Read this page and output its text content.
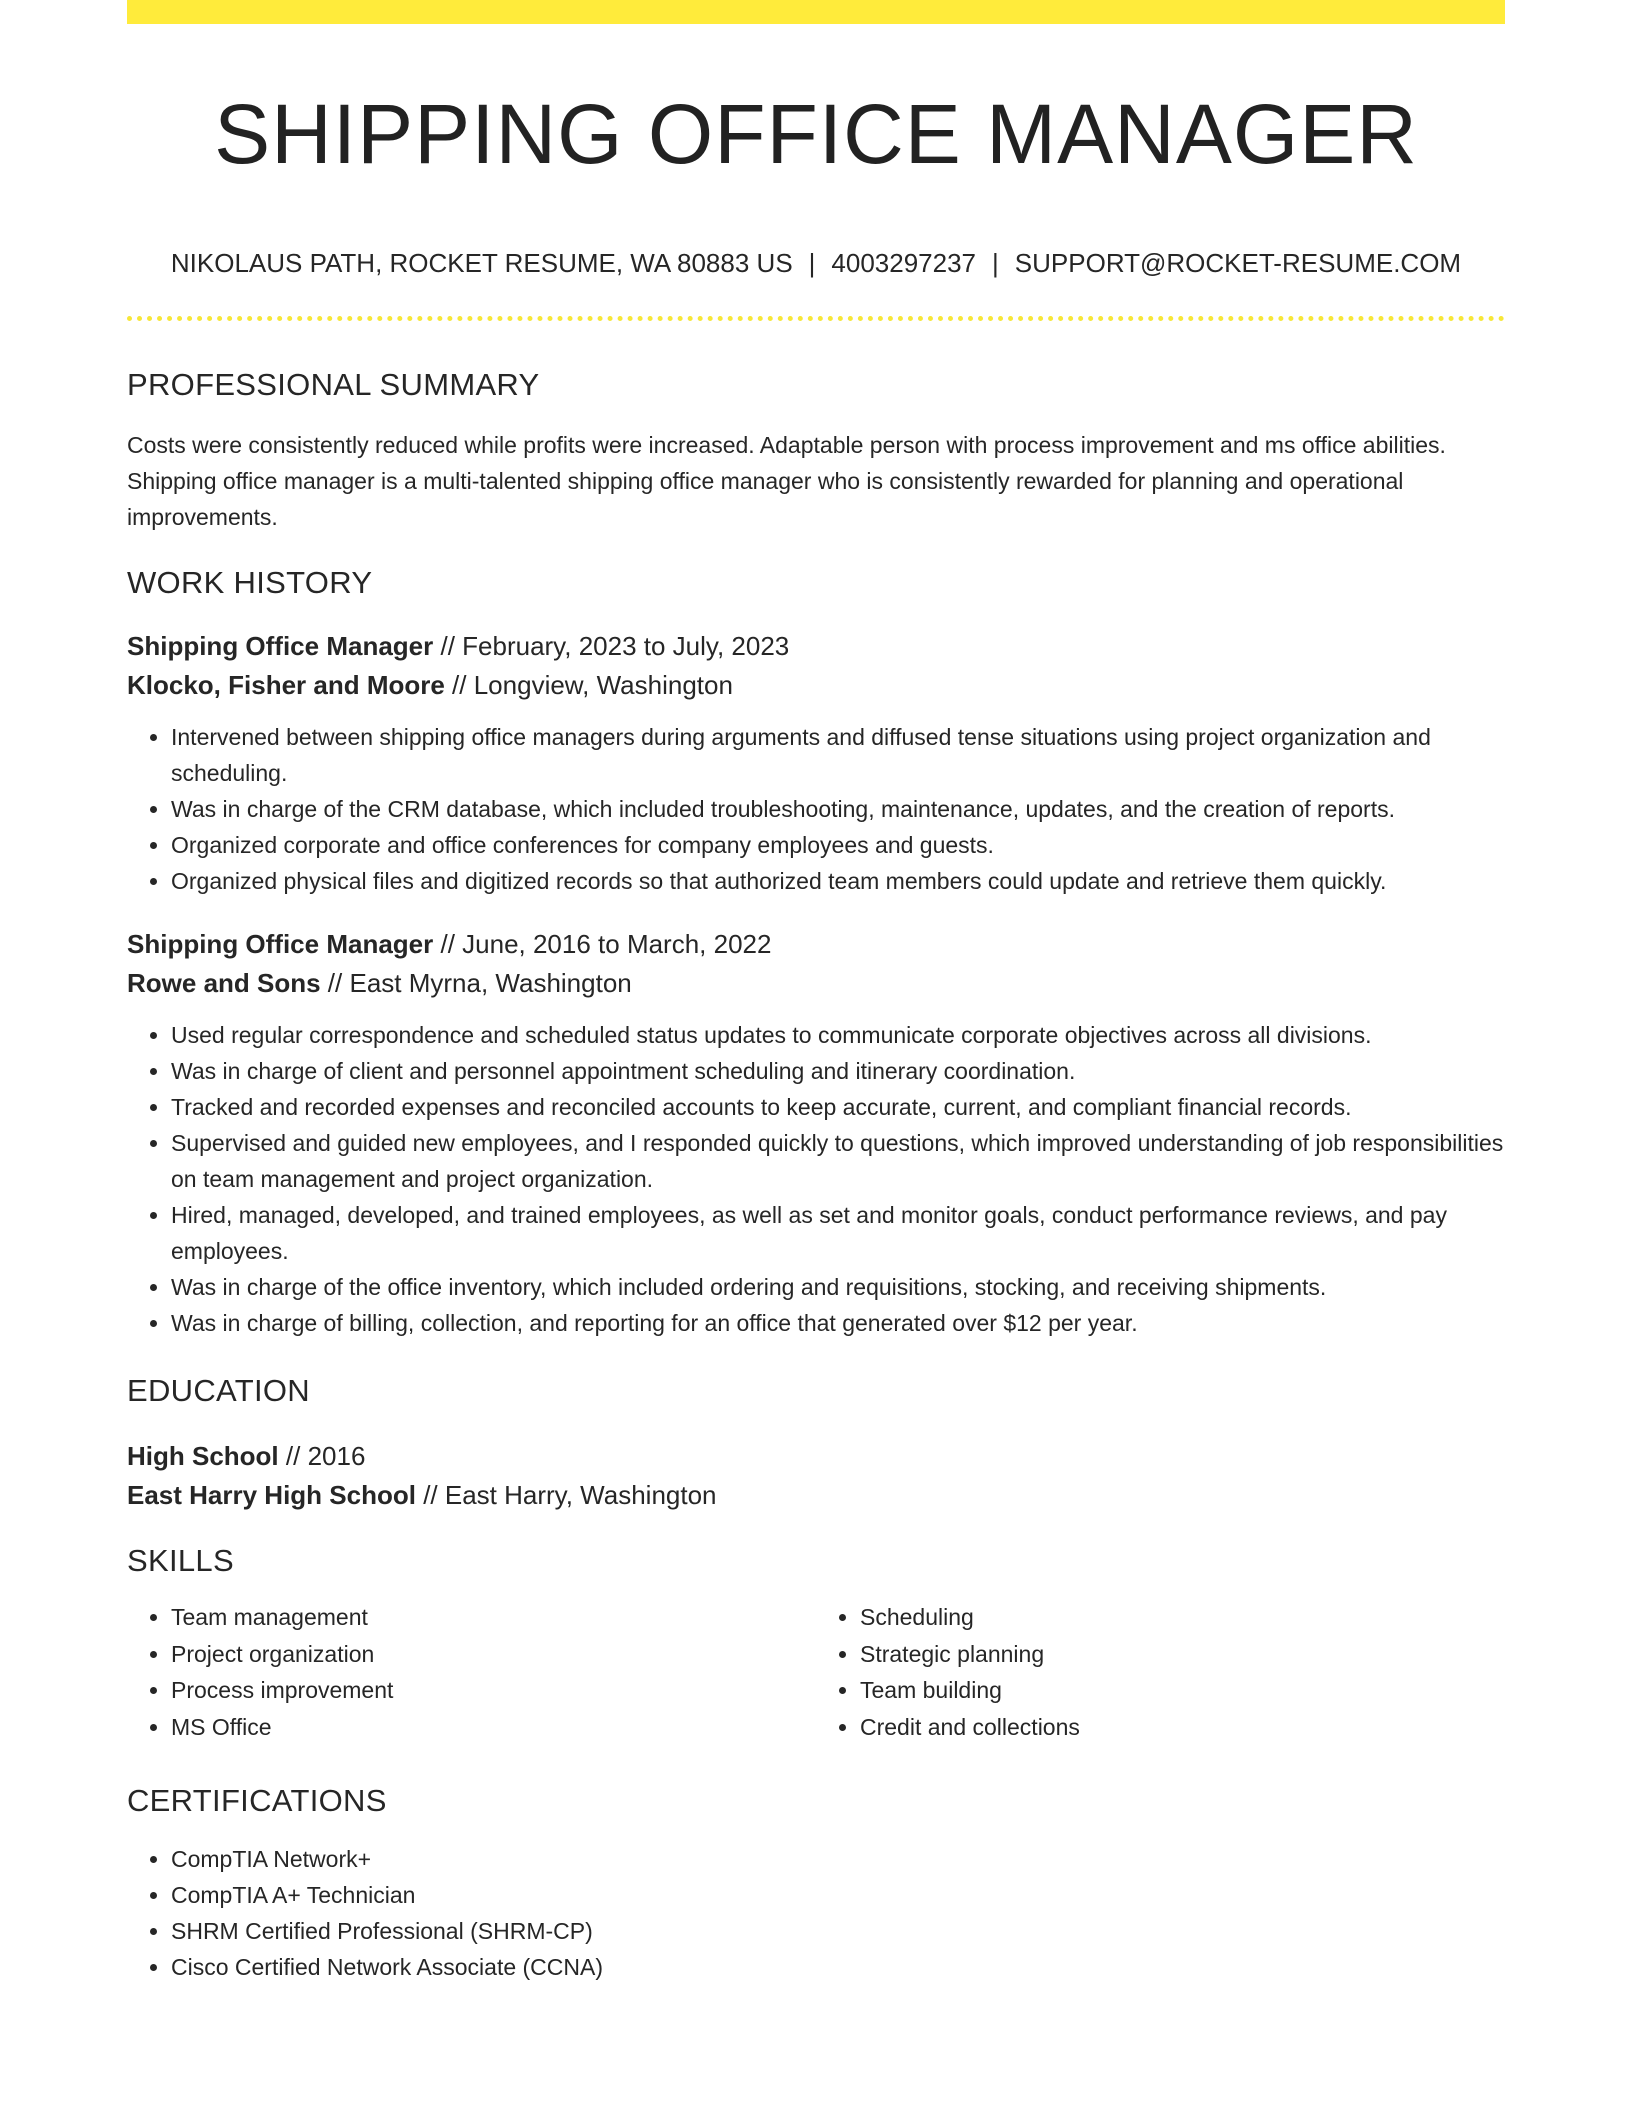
SHIPPING OFFICE MANAGER
NIKOLAUS PATH, ROCKET RESUME, WA 80883 US | 4003297237 | SUPPORT@ROCKET-RESUME.COM
PROFESSIONAL SUMMARY
Costs were consistently reduced while profits were increased. Adaptable person with process improvement and ms office abilities. Shipping office manager is a multi-talented shipping office manager who is consistently rewarded for planning and operational improvements.
WORK HISTORY
Shipping Office Manager // February, 2023 to July, 2023
Klocko, Fisher and Moore // Longview, Washington
• Intervened between shipping office managers during arguments and diffused tense situations using project organization and scheduling.
• Was in charge of the CRM database, which included troubleshooting, maintenance, updates, and the creation of reports.
• Organized corporate and office conferences for company employees and guests.
• Organized physical files and digitized records so that authorized team members could update and retrieve them quickly.
Shipping Office Manager // June, 2016 to March, 2022
Rowe and Sons // East Myrna, Washington
• Used regular correspondence and scheduled status updates to communicate corporate objectives across all divisions.
• Was in charge of client and personnel appointment scheduling and itinerary coordination.
• Tracked and recorded expenses and reconciled accounts to keep accurate, current, and compliant financial records.
• Supervised and guided new employees, and I responded quickly to questions, which improved understanding of job responsibilities on team management and project organization.
• Hired, managed, developed, and trained employees, as well as set and monitor goals, conduct performance reviews, and pay employees.
• Was in charge of the office inventory, which included ordering and requisitions, stocking, and receiving shipments.
• Was in charge of billing, collection, and reporting for an office that generated over $12 per year.
EDUCATION
High School // 2016
East Harry High School // East Harry, Washington
SKILLS
• Team management
• Project organization
• Process improvement
• MS Office
• Scheduling
• Strategic planning
• Team building
• Credit and collections
CERTIFICATIONS
• CompTIA Network+
• CompTIA A+ Technician
• SHRM Certified Professional (SHRM-CP)
• Cisco Certified Network Associate (CCNA)
